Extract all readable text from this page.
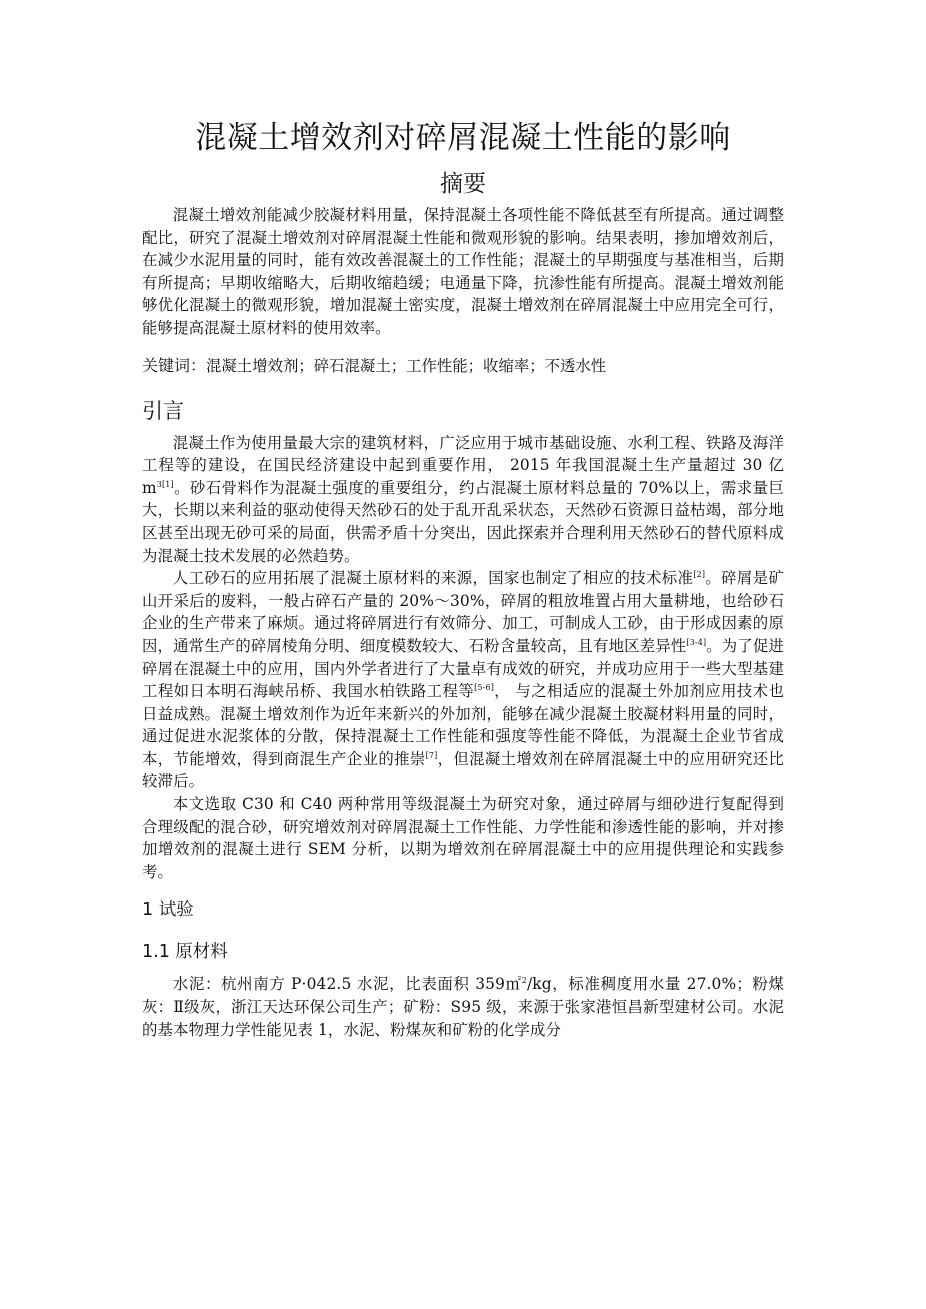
混凝土增效剂对碎屑混凝土性能的影响
摘要

混凝土增效剂能减少胶凝材料用量，保持混凝土各项性能不降低甚至有所提高。通过调整配比，研究了混凝土增效剂对碎屑混凝土性能和微观形貌的影响。结果表明，掺加增效剂后，在减少水泥用量的同时，能有效改善混凝土的工作性能；混凝土的早期强度与基准相当，后期有所提高；早期收缩略大，后期收缩趋缓；电通量下降，抗渗性能有所提高。混凝土增效剂能够优化混凝土的微观形貌，增加混凝土密实度，混凝土增效剂在碎屑混凝土中应用完全可行，能够提高混凝土原材料的使用效率。

关键词：混凝土增效剂；碎石混凝土；工作性能；收缩率；不透水性
引言

混凝土作为使用量最大宗的建筑材料，广泛应用于城市基础设施、水利工程、铁路及海洋工程等的建设，在国民经济建设中起到重要作用， 2015 年我国混凝土生产量超过 30 亿 $m^{3[1]}$。砂石骨料作为混凝土强度的重要组分，约占混凝土原材料总量的 70%以上，需求量巨大，长期以来利益的驱动使得天然砂石的处于乱开乱采状态，天然砂石资源日益枯竭，部分地区甚至出现无砂可采的局面，供需矛盾十分突出，因此探索并合理利用天然砂石的替代原料成为混凝土技术发展的必然趋势。

人工砂石的应用拓展了混凝土原材料的来源，国家也制定了相应的技术标准[2]。碎屑是矿山开采后的废料，一般占碎石产量的 20%～30%，碎屑的粗放堆置占用大量耕地，也给砂石企业的生产带来了麻烦。通过将碎屑进行有效筛分、加工，可制成人工砂，由于形成因素的原因，通常生产的碎屑棱角分明、细度模数较大、石粉含量较高，且有地区差异性[3-4]。为了促进碎屑在混凝土中的应用，国内外学者进行了大量卓有成效的研究，并成功应用于一些大型基建工程如日本明石海峡吊桥、我国水柏铁路工程等[5-6]， 与之相适应的混凝土外加剂应用技术也日益成熟。混凝土增效剂作为近年来新兴的外加剂，能够在减少混凝土胶凝材料用量的同时，通过促进水泥浆体的分散，保持混凝土工作性能和强度等性能不降低，为混凝土企业节省成本，节能增效，得到商混生产企业的推崇[7]，但混凝土增效剂在碎屑混凝土中的应用研究还比较滞后。

本文选取 C30 和 C40 两种常用等级混凝土为研究对象，通过碎屑与细砂进行复配得到合理级配的混合砂，研究增效剂对碎屑混凝土工作性能、力学性能和渗透性能的影响，并对掺加增效剂的混凝土进行 SEM 分析，以期为增效剂在碎屑混凝土中的应用提供理论和实践参考。

1 试验
1.1 原材料

水泥：杭州南方 P·042.5 水泥，比表面积 359㎡$^2$/kg，标准稠度用水量 27.0%；粉煤灰：Ⅱ级灰，浙江天达环保公司生产；矿粉：S95 级，来源于张家港恒昌新型建材公司。水泥的基本物理力学性能见表 1，水泥、粉煤灰和矿粉的化学成分
